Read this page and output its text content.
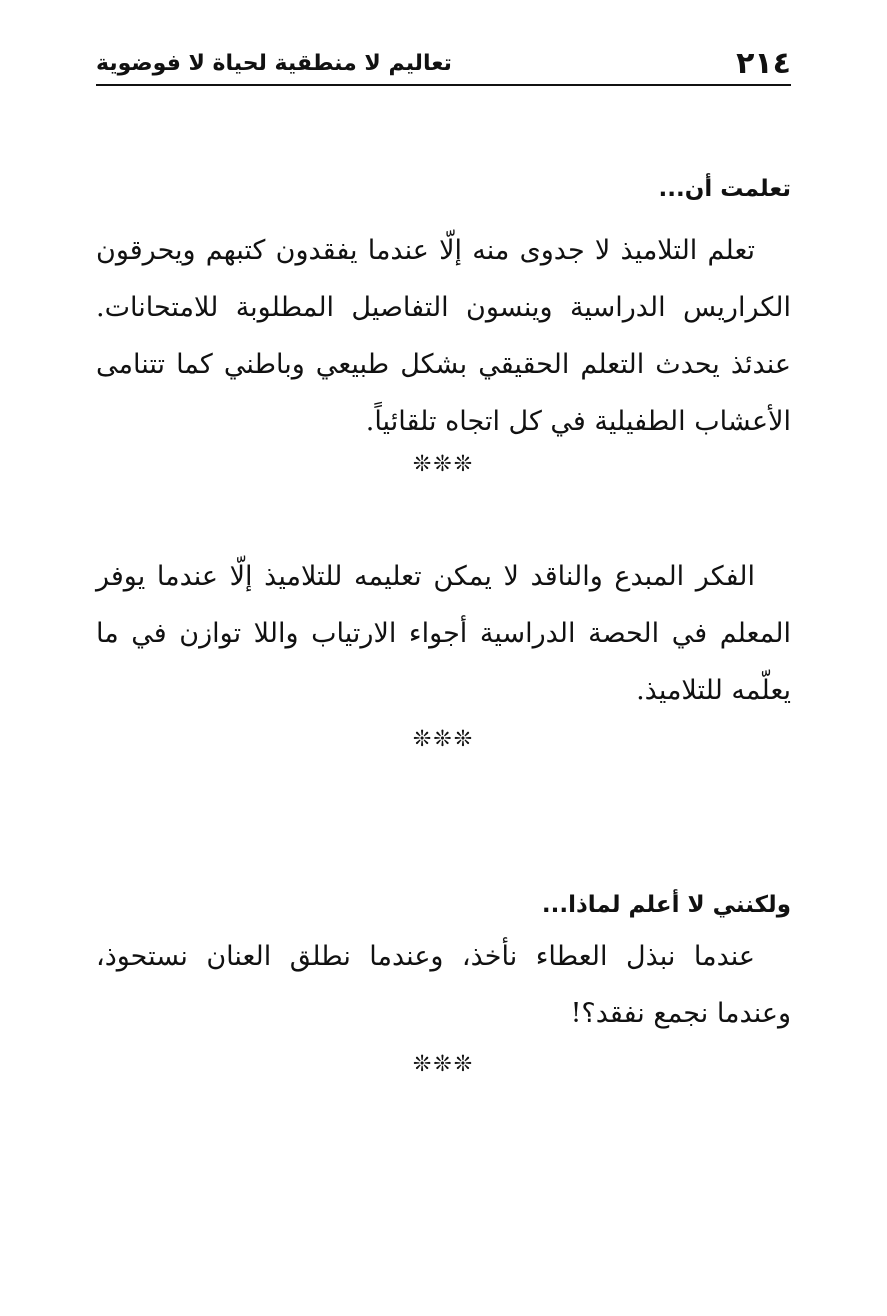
٢١٤
تعاليم لا منطقية لحياة لا فوضوية
تعلمت أن...
تعلم التلاميذ لا جدوى منه إلّا عندما يفقدون كتبهم ويحرقون الكراريس الدراسية وينسون التفاصيل المطلوبة للامتحانات. عندئذ يحدث التعلم الحقيقي بشكل طبيعي وباطني كما تتنامى الأعشاب الطفيلية في كل اتجاه تلقائياً.
❊❊❊
الفكر المبدع والناقد لا يمكن تعليمه للتلاميذ إلّا عندما يوفر المعلم في الحصة الدراسية أجواء الارتياب واللا توازن في ما يعلّمه للتلاميذ.
❊❊❊
ولكنني لا أعلم لماذا...
عندما نبذل العطاء نأخذ، وعندما نطلق العنان نستحوذ، وعندما نجمع نفقد؟!
❊❊❊
